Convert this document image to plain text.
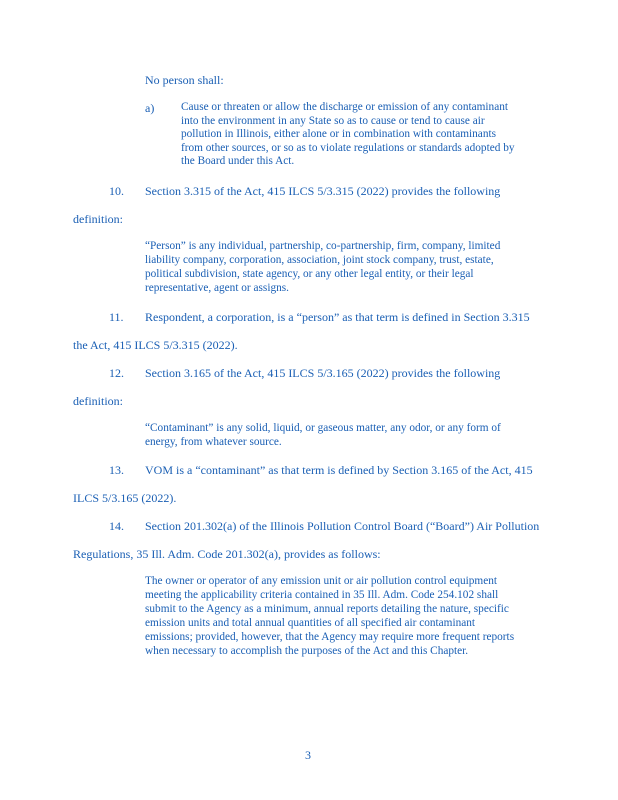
No person shall:
a) Cause or threaten or allow the discharge or emission of any contaminant
into the environment in any State so as to cause or tend to cause air
pollution in Illinois, either alone or in combination with contaminants
from other sources, or so as to violate regulations or standards adopted by
the Board under this Act.
10. Section 3.315 of the Act, 415 ILCS 5/3.315 (2022) provides the following
definition:
“Person” is any individual, partnership, co-partnership, firm, company, limited
liability company, corporation, association, joint stock company, trust, estate,
political subdivision, state agency, or any other legal entity, or their legal
representative, agent or assigns.
11. Respondent, a corporation, is a “person” as that term is defined in Section 3.315
the Act, 415 ILCS 5/3.315 (2022).
12. Section 3.165 of the Act, 415 ILCS 5/3.165 (2022) provides the following
definition:
“Contaminant” is any solid, liquid, or gaseous matter, any odor, or any form of
energy, from whatever source.
13. VOM is a “contaminant” as that term is defined by Section 3.165 of the Act, 415
ILCS 5/3.165 (2022).
14. Section 201.302(a) of the Illinois Pollution Control Board (“Board”) Air Pollution
Regulations, 35 Ill. Adm. Code 201.302(a), provides as follows:
The owner or operator of any emission unit or air pollution control equipment
meeting the applicability criteria contained in 35 Ill. Adm. Code 254.102 shall
submit to the Agency as a minimum, annual reports detailing the nature, specific
emission units and total annual quantities of all specified air contaminant
emissions; provided, however, that the Agency may require more frequent reports
when necessary to accomplish the purposes of the Act and this Chapter.
3
